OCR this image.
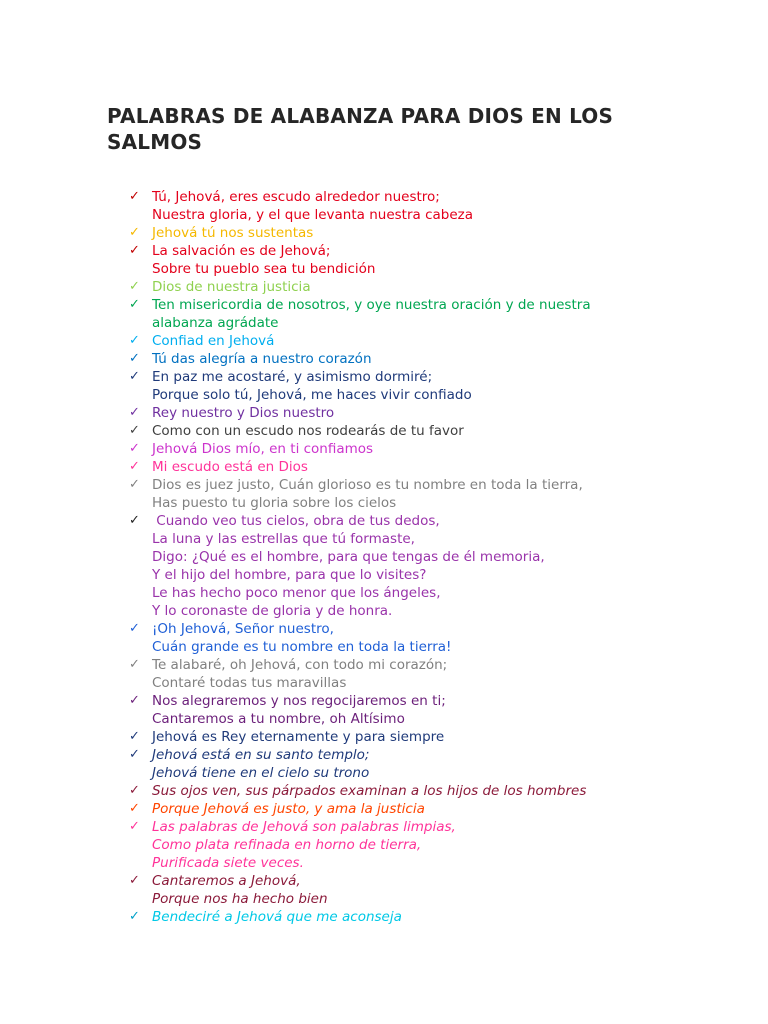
PALABRAS DE ALABANZA PARA DIOS EN LOS SALMOS
✓ Tú, Jehová, eres escudo alrededor nuestro;
Nuestra gloria, y el que levanta nuestra cabeza
✓ Jehová tú nos sustentas
✓ La salvación es de Jehová;
Sobre tu pueblo sea tu bendición
✓ Dios de nuestra justicia
✓ Ten misericordia de nosotros, y oye nuestra oración y de nuestra
alabanza agrádate
✓ Confiad en Jehová
✓ Tú das alegría a nuestro corazón
✓ En paz me acostaré, y asimismo dormiré;
Porque solo tú, Jehová, me haces vivir confiado
✓ Rey nuestro y Dios nuestro
✓ Como con un escudo nos rodearás de tu favor
✓ Jehová Dios mío, en ti confiamos
✓ Mi escudo está en Dios
✓ Dios es juez justo, Cuán glorioso es tu nombre en toda la tierra,
Has puesto tu gloria sobre los cielos
✓ Cuando veo tus cielos, obra de tus dedos,
La luna y las estrellas que tú formaste,
Digo: ¿Qué es el hombre, para que tengas de él memoria,
Y el hijo del hombre, para que lo visites?
Le has hecho poco menor que los ángeles,
Y lo coronaste de gloria y de honra.
✓ ¡Oh Jehová, Señor nuestro,
Cuán grande es tu nombre en toda la tierra!
✓ Te alabaré, oh Jehová, con todo mi corazón;
Contaré todas tus maravillas
✓ Nos alegraremos y nos regocijaremos en ti;
Cantaremos a tu nombre, oh Altísimo
✓ Jehová es Rey eternamente y para siempre
✓ Jehová está en su santo templo;
Jehová tiene en el cielo su trono
✓ Sus ojos ven, sus párpados examinan a los hijos de los hombres
✓ Porque Jehová es justo, y ama la justicia
✓ Las palabras de Jehová son palabras limpias,
Como plata refinada en horno de tierra,
Purificada siete veces.
✓ Cantaremos a Jehová,
Porque nos ha hecho bien
✓ Bendeciré a Jehová que me aconseja
